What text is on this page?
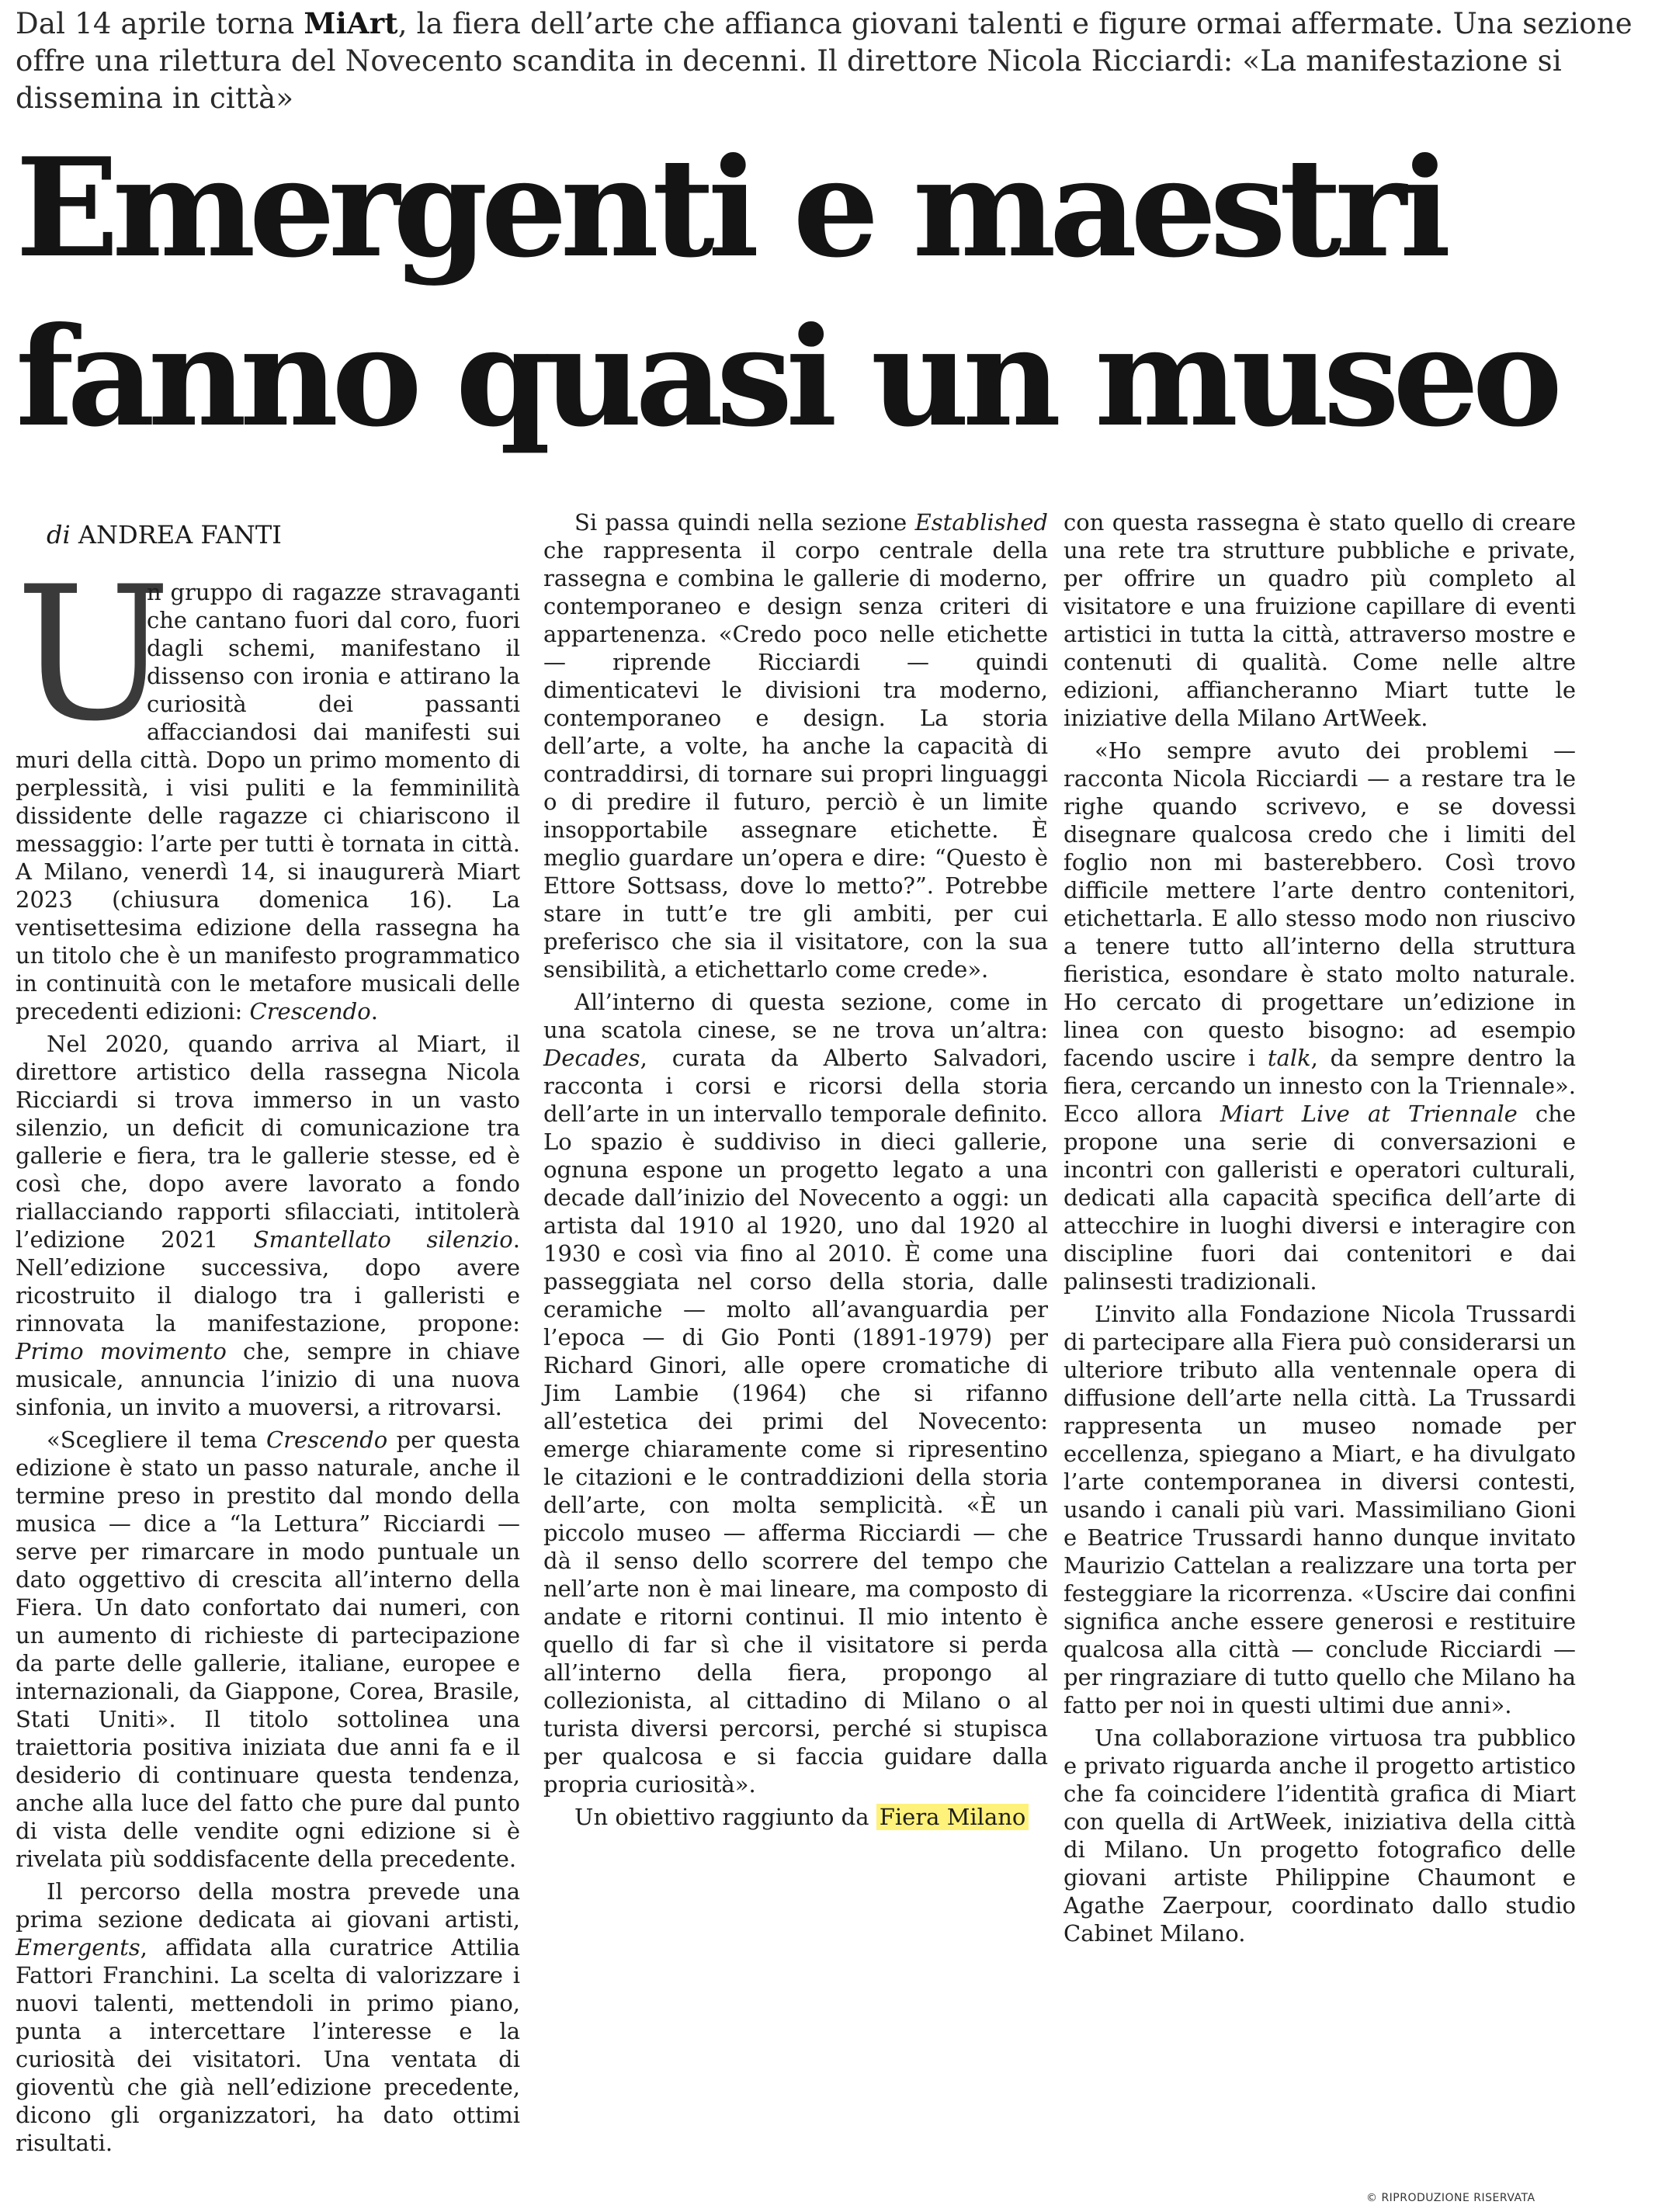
Dal 14 aprile torna MiArt, la fiera dell’arte che affianca giovani talenti e figure ormai affermate. Una sezione offre una rilettura del Novecento scandita in decenni. Il direttore Nicola Ricciardi: «La manifestazione si dissemina in città»
Emergenti e maestri
fanno quasi un museo
di ANDREA FANTI

U
n gruppo di ragazze stravaganti che cantano fuori dal coro, fuori dagli schemi, manifestano il dissenso con ironia e attirano la curiosità dei passanti affacciandosi dai manifesti sui muri della città. Dopo un primo momento di perplessità, i visi puliti e la femminilità dissidente delle ragazze ci chiariscono il messaggio: l’arte per tutti è tornata in città. A Milano, venerdì 14, si inaugurerà Miart 2023 (chiusura domenica 16). La ventisettesima edizione della rassegna ha un titolo che è un manifesto programmatico in continuità con le metafore musicali delle precedenti edizioni: Crescendo.

Nel 2020, quando arriva al Miart, il direttore artistico della rassegna Nicola Ricciardi si trova immerso in un vasto silenzio, un deficit di comunicazione tra gallerie e fiera, tra le gallerie stesse, ed è così che, dopo avere lavorato a fondo riallacciando rapporti sfilacciati, intitolerà l’edizione 2021 Smantellato silenzio. Nell’edizione successiva, dopo avere ricostruito il dialogo tra i galleristi e rinnovata la manifestazione, propone: Primo movimento che, sempre in chiave musicale, annuncia l’inizio di una nuova sinfonia, un invito a muoversi, a ritrovarsi.

«Scegliere il tema Crescendo per questa edizione è stato un passo naturale, anche il termine preso in prestito dal mondo della musica — dice a “la Lettura” Ricciardi — serve per rimarcare in modo puntuale un dato oggettivo di crescita all’interno della Fiera. Un dato confortato dai numeri, con un aumento di richieste di partecipazione da parte delle gallerie, italiane, europee e internazionali, da Giappone, Corea, Brasile, Stati Uniti». Il titolo sottolinea una traiettoria positiva iniziata due anni fa e il desiderio di continuare questa tendenza, anche alla luce del fatto che pure dal punto di vista delle vendite ogni edizione si è rivelata più soddisfacente della precedente.

Il percorso della mostra prevede una prima sezione dedicata ai giovani artisti, Emergents, affidata alla curatrice Attilia Fattori Franchini. La scelta di valorizzare i nuovi talenti, mettendoli in primo piano, punta a intercettare l’interesse e la curiosità dei visitatori. Una ventata di gioventù che già nell’edizione precedente, dicono gli organizzatori, ha dato ottimi risultati.

Si passa quindi nella sezione Established che rappresenta il corpo centrale della rassegna e combina le gallerie di moderno, contemporaneo e design senza criteri di appartenenza. «Credo poco nelle etichette — riprende Ricciardi — quindi dimenticatevi le divisioni tra moderno, contemporaneo e design. La storia dell’arte, a volte, ha anche la capacità di contraddirsi, di tornare sui propri linguaggi o di predire il futuro, perciò è un limite insopportabile assegnare etichette. È meglio guardare un’opera e dire: “Questo è Ettore Sottsass, dove lo metto?”. Potrebbe stare in tutt’e tre gli ambiti, per cui preferisco che sia il visitatore, con la sua sensibilità, a etichettarlo come crede».

All’interno di questa sezione, come in una scatola cinese, se ne trova un’altra: Decades, curata da Alberto Salvadori, racconta i corsi e ricorsi della storia dell’arte in un intervallo temporale definito. Lo spazio è suddiviso in dieci gallerie, ognuna espone un progetto legato a una decade dall’inizio del Novecento a oggi: un artista dal 1910 al 1920, uno dal 1920 al 1930 e così via fino al 2010. È come una passeggiata nel corso della storia, dalle ceramiche — molto all’avanguardia per l’epoca — di Gio Ponti (1891-1979) per Richard Ginori, alle opere cromatiche di Jim Lambie (1964) che si rifanno all’estetica dei primi del Novecento: emerge chiaramente come si ripresentino le citazioni e le contraddizioni della storia dell’arte, con molta semplicità. «È un piccolo museo — afferma Ricciardi — che dà il senso dello scorrere del tempo che nell’arte non è mai lineare, ma composto di andate e ritorni continui. Il mio intento è quello di far sì che il visitatore si perda all’interno della fiera, propongo al collezionista, al cittadino di Milano o al turista diversi percorsi, perché si stupisca per qualcosa e si faccia guidare dalla propria curiosità».

Un obiettivo raggiunto da Fiera Milano

con questa rassegna è stato quello di creare una rete tra strutture pubbliche e private, per offrire un quadro più completo al visitatore e una fruizione capillare di eventi artistici in tutta la città, attraverso mostre e contenuti di qualità. Come nelle altre edizioni, affiancheranno Miart tutte le iniziative della Milano ArtWeek.

«Ho sempre avuto dei problemi — racconta Nicola Ricciardi — a restare tra le righe quando scrivevo, e se dovessi disegnare qualcosa credo che i limiti del foglio non mi basterebbero. Così trovo difficile mettere l’arte dentro contenitori, etichettarla. E allo stesso modo non riuscivo a tenere tutto all’interno della struttura fieristica, esondare è stato molto naturale. Ho cercato di progettare un’edizione in linea con questo bisogno: ad esempio facendo uscire i talk, da sempre dentro la fiera, cercando un innesto con la Triennale». Ecco allora Miart Live at Triennale che propone una serie di conversazioni e incontri con galleristi e operatori culturali, dedicati alla capacità specifica dell’arte di attecchire in luoghi diversi e interagire con discipline fuori dai contenitori e dai palinsesti tradizionali.

L’invito alla Fondazione Nicola Trussardi di partecipare alla Fiera può considerarsi un ulteriore tributo alla ventennale opera di diffusione dell’arte nella città. La Trussardi rappresenta un museo nomade per eccellenza, spiegano a Miart, e ha divulgato l’arte contemporanea in diversi contesti, usando i canali più vari. Massimiliano Gioni e Beatrice Trussardi hanno dunque invitato Maurizio Cattelan a realizzare una torta per festeggiare la ricorrenza. «Uscire dai confini significa anche essere generosi e restituire qualcosa alla città — conclude Ricciardi — per ringraziare di tutto quello che Milano ha fatto per noi in questi ultimi due anni».

Una collaborazione virtuosa tra pubblico e privato riguarda anche il progetto artistico che fa coincidere l’identità grafica di Miart con quella di ArtWeek, iniziativa della città di Milano. Un progetto fotografico delle giovani artiste Philippine Chaumont e Agathe Zaerpour, coordinato dallo studio Cabinet Milano.

© RIPRODUZIONE RISERVATA
